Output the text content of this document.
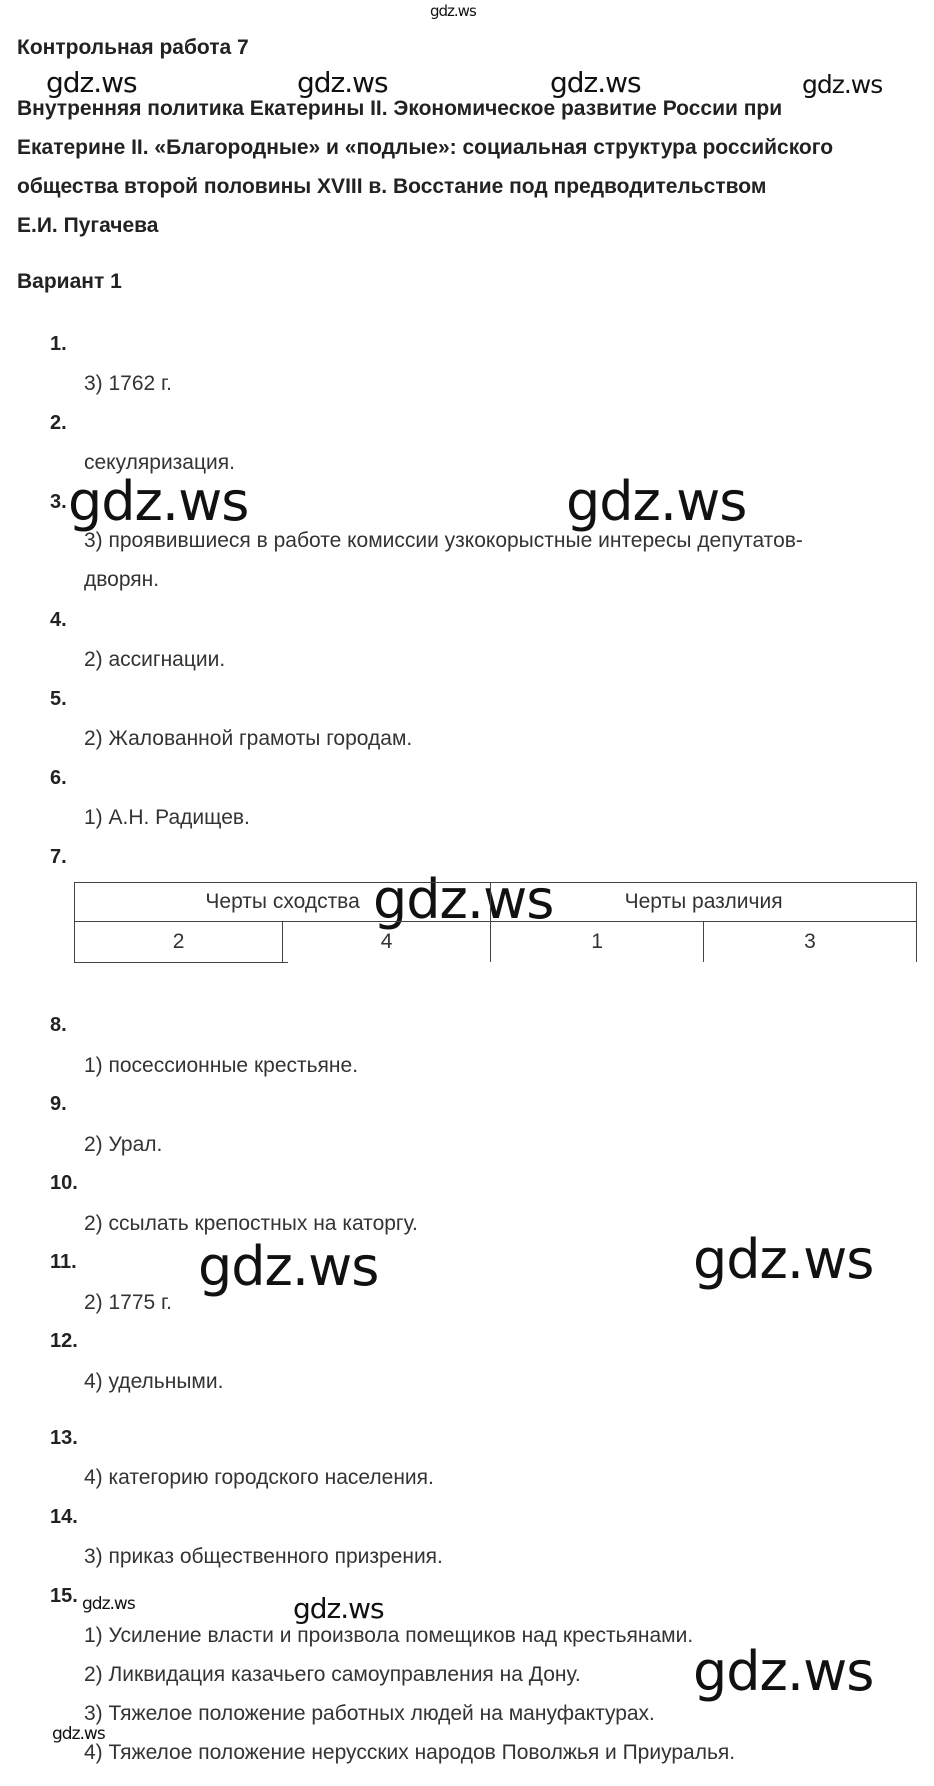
gdz.ws
gdz.ws	gdz.ws	gdz.ws	gdz.ws
gdz.ws	gdz.ws
gdz.ws
gdz.ws	gdz.ws
gdz.ws	gdz.ws
gdz.ws
gdz.ws
Контрольная работа 7
Внутренняя политика Екатерины II. Экономическое развитие России при
Екатерине II. «Благородные» и «подлые»: социальная структура российского
общества второй половины XVIII в. Восстание под предводительством
Е.И. Пугачева
Вариант 1
1.
3) 1762 г.
2.
секуляризация.
3.
3) проявившиеся в работе комиссии узкокорыстные интересы депутатов-
дворян.
4.
2) ассигнации.
5.
2) Жалованной грамоты городам.
6.
1) А.Н. Радищев.
7.
Черты сходства		Черты различия	
2	4	1	3
8.
1) посессионные крестьяне.
9.
2) Урал.
10.
2) ссылать крепостных на каторгу.
11.
2) 1775 г.
12.
4) удельными.
13.
4) категорию городского населения.
14.
3) приказ общественного призрения.
15.
1) Усиление власти и произвола помещиков над крестьянами.
2) Ликвидация казачьего самоуправления на Дону.
3) Тяжелое положение работных людей на мануфактурах.
4) Тяжелое положение нерусских народов Поволжья и Приуралья.
